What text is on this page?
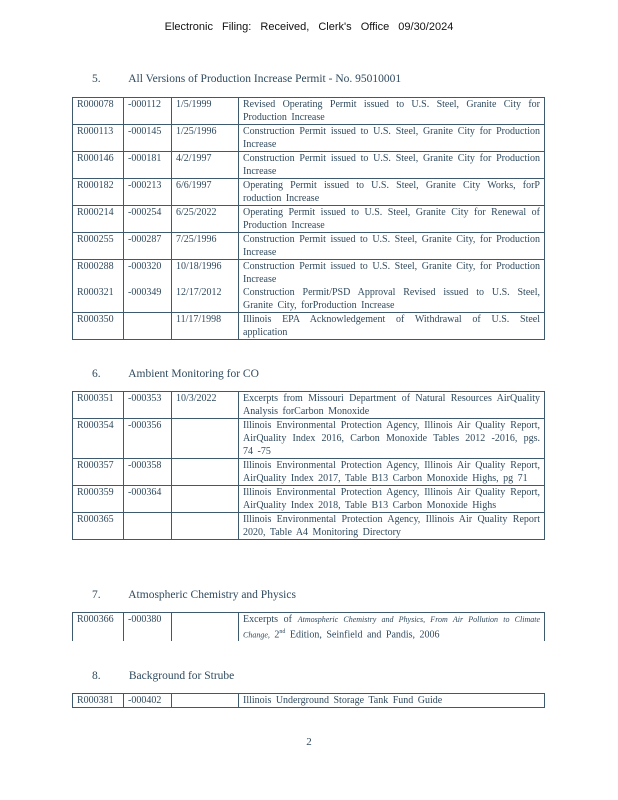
Electronic Filing: Received, Clerk's Office 09/30/2024
5. All Versions of Production Increase Permit - No. 95010001
R000078	-000112	1/5/1999	Revised Operating Permit issued to U.S. Steel, Granite City for Production Increase
R000113	-000145	1/25/1996	Construction Permit issued to U.S. Steel, Granite City for Production Increase
R000146	-000181	4/2/1997	Construction Permit issued to U.S. Steel, Granite City for Production Increase
R000182	-000213	6/6/1997	Operating Permit issued to U.S. Steel, Granite City Works, forP roduction Increase
R000214	-000254	6/25/2022	Operating Permit issued to U.S. Steel, Granite City for Renewal of Production Increase
R000255	-000287	7/25/1996	Construction Permit issued to U.S. Steel, Granite City, for Production Increase
R000288	-000320	10/18/1996	Construction Permit issued to U.S. Steel, Granite City, for Production Increase
R000321	-000349	12/17/2012	Construction Permit/PSD Approval Revised issued to U.S. Steel, Granite City, forProduction Increase
R000350		11/17/1998	Illinois EPA Acknowledgement of Withdrawal of U.S. Steel application
6. Ambient Monitoring for CO
R000351	-000353	10/3/2022	Excerpts from Missouri Department of Natural Resources AirQuality Analysis forCarbon Monoxide
R000354	-000356		Illinois Environmental Protection Agency, Illinois Air Quality Report, AirQuality Index 2016, Carbon Monoxide Tables 2012 -2016, pgs. 74 -75
R000357	-000358		Illinois Environmental Protection Agency, Illinois Air Quality Report, AirQuality Index 2017, Table B13 Carbon Monoxide Highs, pg 71
R000359	-000364		Illinois Environmental Protection Agency, Illinois Air Quality Report, AirQuality Index 2018, Table B13 Carbon Monoxide Highs
R000365			Illinois Environmental Protection Agency, Illinois Air Quality Report 2020, Table A4 Monitoring Directory
7. Atmospheric Chemistry and Physics
R000366	-000380		Excerpts of Atmospheric Chemistry and Physics, From Air Pollution to Climate Change, 2nd Edition, Seinfield and Pandis, 2006
8. Background for Strube
R000381	-000402		Illinois Underground Storage Tank Fund Guide
2
